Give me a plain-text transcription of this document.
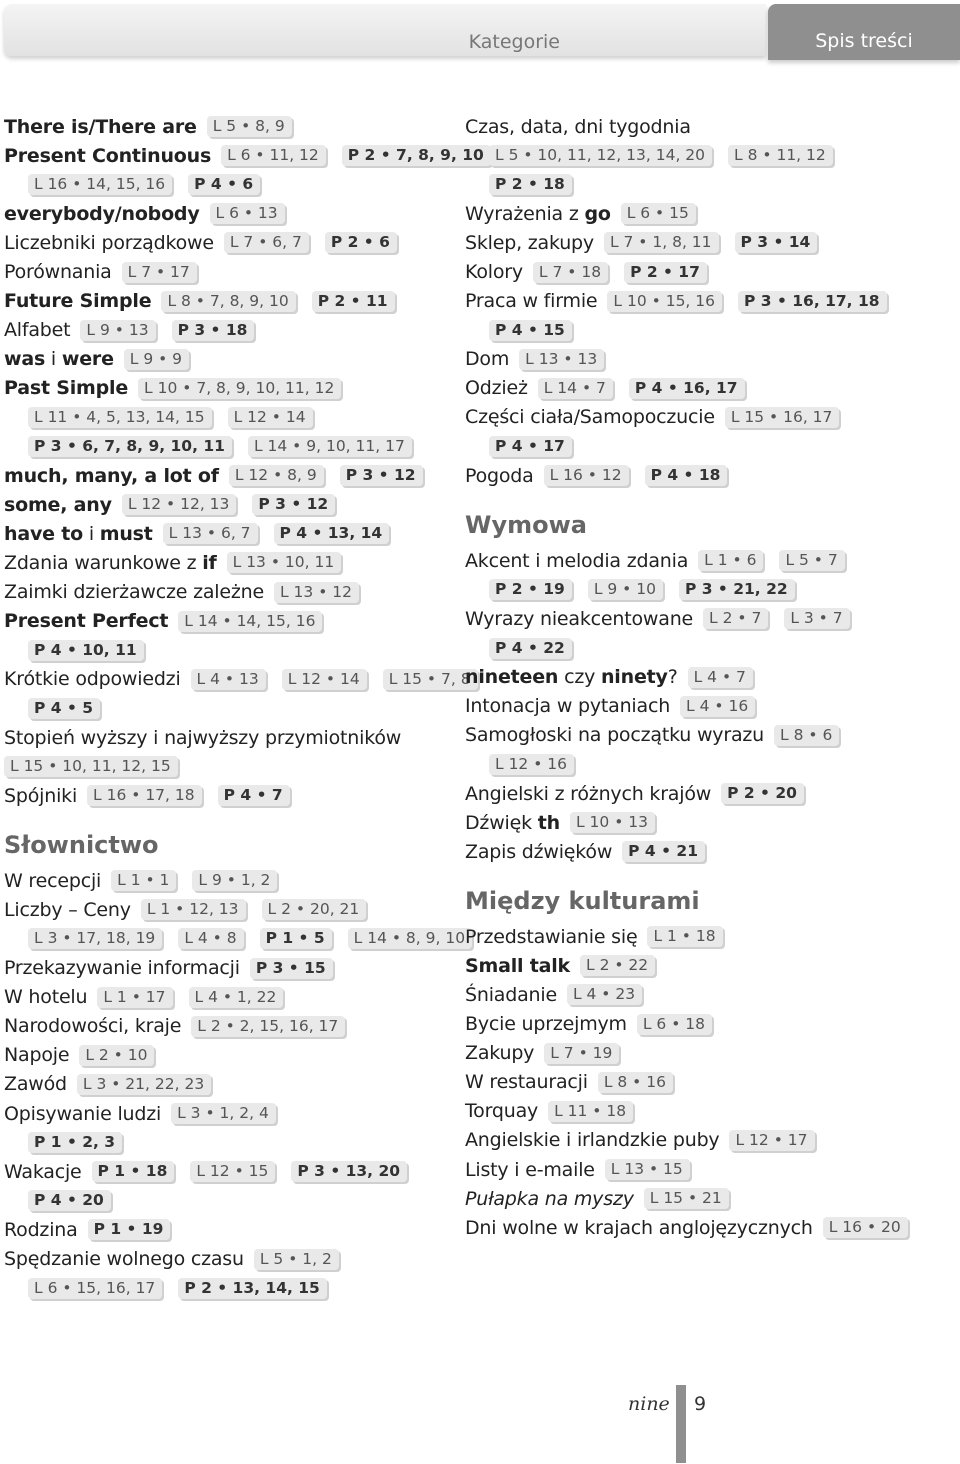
Kategorie	Spis treści
There is/There are	L 5 • 8, 9
Present Continuous	L 6 • 11, 12	P 2 • 7, 8, 9, 10
L 16 • 14, 15, 16	P 4 • 6
everybody/nobody	L 6 • 13
Liczebniki porządkowe	L 7 • 6, 7	P 2 • 6
Porównania	L 7 • 17
Future Simple	L 8 • 7, 8, 9, 10	P 2 • 11
Alfabet	L 9 • 13	P 3 • 18
was i were	L 9 • 9
Past Simple	L 10 • 7, 8, 9, 10, 11, 12
L 11 • 4, 5, 13, 14, 15	L 12 • 14
P 3 • 6, 7, 8, 9, 10, 11	L 14 • 9, 10, 11, 17
much, many, a lot of	L 12 • 8, 9	P 3 • 12
some, any	L 12 • 12, 13	P 3 • 12
have to i must	L 13 • 6, 7	P 4 • 13, 14
Zdania warunkowe z if	L 13 • 10, 11
Zaimki dzierżawcze zależne	L 13 • 12
Present Perfect	L 14 • 14, 15, 16
P 4 • 10, 11
Krótkie odpowiedzi	L 4 • 13	L 12 • 14	L 15 • 7, 8
P 4 • 5
Stopień wyższy i najwyższy przymiotników
L 15 • 10, 11, 12, 15
Spójniki	L 16 • 17, 18	P 4 • 7
Słownictwo
W recepcji	L 1 • 1	L 9 • 1, 2
Liczby – Ceny	L 1 • 12, 13	L 2 • 20, 21
L 3 • 17, 18, 19	L 4 • 8	P 1 • 5	L 14 • 8, 9, 10
Przekazywanie informacji	P 3 • 15
W hotelu	L 1 • 17	L 4 • 1, 22
Narodowości, kraje	L 2 • 2, 15, 16, 17
Napoje	L 2 • 10
Zawód	L 3 • 21, 22, 23
Opisywanie ludzi	L 3 • 1, 2, 4
P 1 • 2, 3
Wakacje	P 1 • 18	L 12 • 15	P 3 • 13, 20
P 4 • 20
Rodzina	P 1 • 19
Spędzanie wolnego czasu	L 5 • 1, 2
L 6 • 15, 16, 17	P 2 • 13, 14, 15
Czas, data, dni tygodnia
L 5 • 10, 11, 12, 13, 14, 20	L 8 • 11, 12
P 2 • 18
Wyrażenia z go	L 6 • 15
Sklep, zakupy	L 7 • 1, 8, 11	P 3 • 14
Kolory	L 7 • 18	P 2 • 17
Praca w firmie	L 10 • 15, 16	P 3 • 16, 17, 18
P 4 • 15
Dom	L 13 • 13
Odzież	L 14 • 7	P 4 • 16, 17
Części ciała/Samopoczucie	L 15 • 16, 17
P 4 • 17
Pogoda	L 16 • 12	P 4 • 18
Wymowa
Akcent i melodia zdania	L 1 • 6	L 5 • 7
P 2 • 19	L 9 • 10	P 3 • 21, 22
Wyrazy nieakcentowane	L 2 • 7	L 3 • 7
P 4 • 22
nineteen czy ninety?	L 4 • 7
Intonacja w pytaniach	L 4 • 16
Samogłoski na początku wyrazu	L 8 • 6
L 12 • 16
Angielski z różnych krajów	P 2 • 20
Dźwięk th	L 10 • 13
Zapis dźwięków	P 4 • 21
Między kulturami
Przedstawianie się	L 1 • 18
Small talk	L 2 • 22
Śniadanie	L 4 • 23
Bycie uprzejmym	L 6 • 18
Zakupy	L 7 • 19
W restauracji	L 8 • 16
Torquay	L 11 • 18
Angielskie i irlandzkie puby	L 12 • 17
Listy i e-maile	L 13 • 15
Pułapka na myszy	L 15 • 21
Dni wolne w krajach anglojęzycznych	L 16 • 20
nine 9
